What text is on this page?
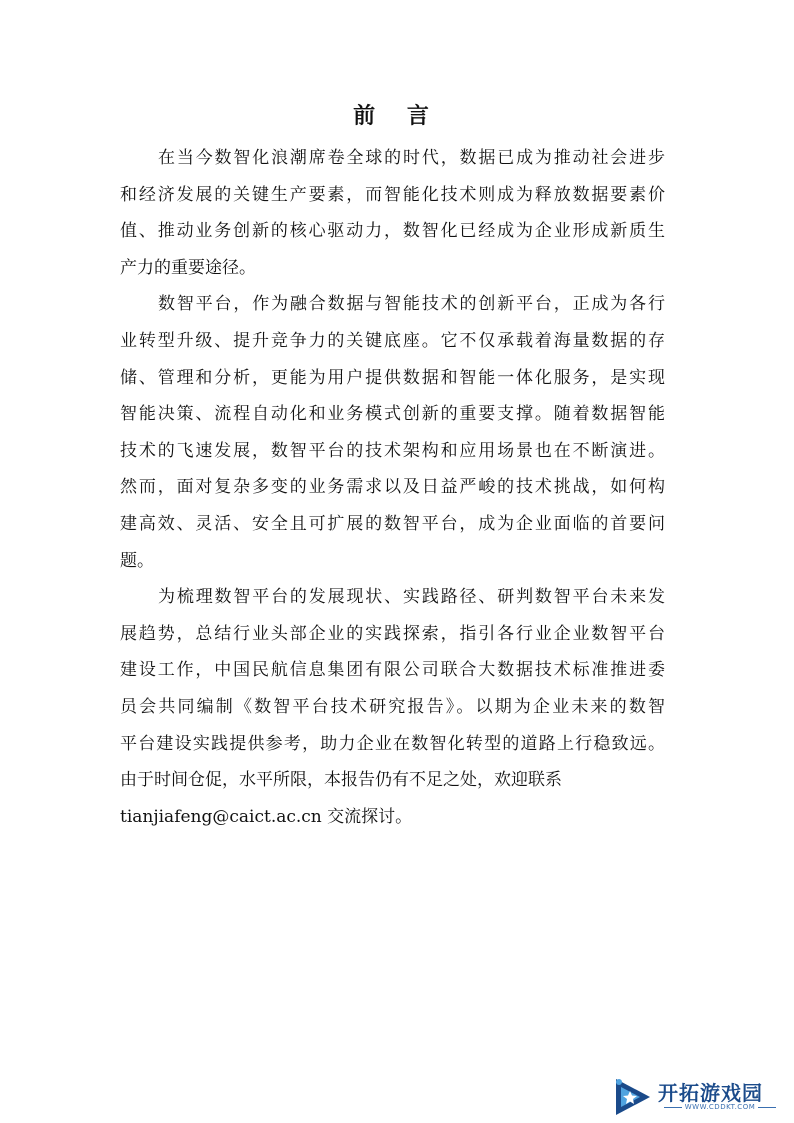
前 言
在当今数智化浪潮席卷全球的时代，数据已成为推动社会进步
和经济发展的关键生产要素，而智能化技术则成为释放数据要素价
值、推动业务创新的核心驱动力，数智化已经成为企业形成新质生
产力的重要途径。
数智平台，作为融合数据与智能技术的创新平台，正成为各行
业转型升级、提升竞争力的关键底座。它不仅承载着海量数据的存
储、管理和分析，更能为用户提供数据和智能一体化服务，是实现
智能决策、流程自动化和业务模式创新的重要支撑。随着数据智能
技术的飞速发展，数智平台的技术架构和应用场景也在不断演进。
然而，面对复杂多变的业务需求以及日益严峻的技术挑战，如何构
建高效、灵活、安全且可扩展的数智平台，成为企业面临的首要问
题。
为梳理数智平台的发展现状、实践路径、研判数智平台未来发
展趋势，总结行业头部企业的实践探索，指引各行业企业数智平台
建设工作，中国民航信息集团有限公司联合大数据技术标准推进委
员会共同编制《数智平台技术研究报告》。以期为企业未来的数智
平台建设实践提供参考，助力企业在数智化转型的道路上行稳致远。
由于时间仓促，水平所限，本报告仍有不足之处，欢迎联系
tianjiafeng@caict.ac.cn 交流探讨。
开拓游戏园
WWW.CDDKT.COM
